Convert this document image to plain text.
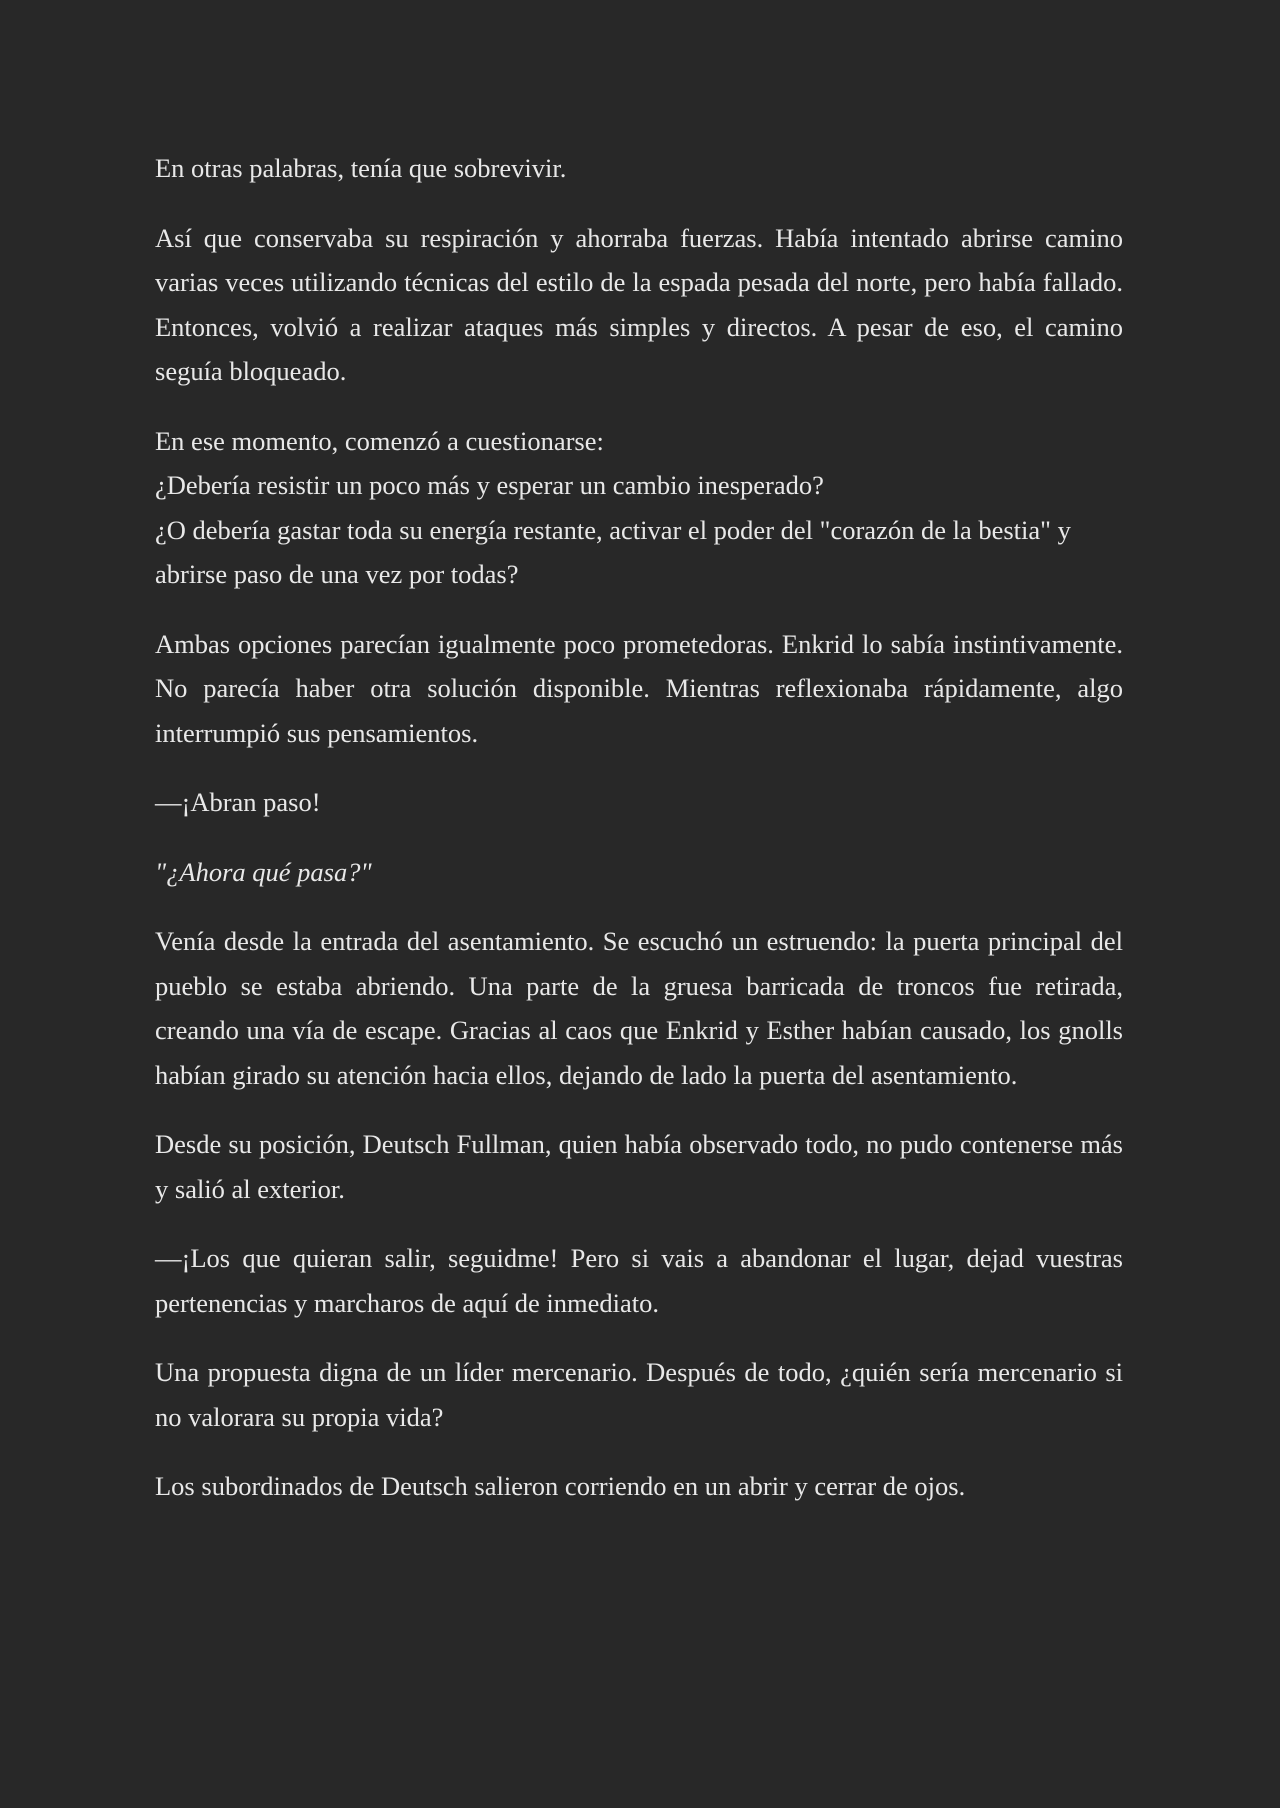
En otras palabras, tenía que sobrevivir.

Así que conservaba su respiración y ahorraba fuerzas. Había intentado abrirse camino varias veces utilizando técnicas del estilo de la espada pesada del norte, pero había fallado. Entonces, volvió a realizar ataques más simples y directos. A pesar de eso, el camino seguía bloqueado.

En ese momento, comenzó a cuestionarse:
¿Debería resistir un poco más y esperar un cambio inesperado?
¿O debería gastar toda su energía restante, activar el poder del "corazón de la bestia" y abrirse paso de una vez por todas?

Ambas opciones parecían igualmente poco prometedoras. Enkrid lo sabía instintivamente. No parecía haber otra solución disponible. Mientras reflexionaba rápidamente, algo interrumpió sus pensamientos.

—¡Abran paso!

"¿Ahora qué pasa?"

Venía desde la entrada del asentamiento. Se escuchó un estruendo: la puerta principal del pueblo se estaba abriendo. Una parte de la gruesa barricada de troncos fue retirada, creando una vía de escape. Gracias al caos que Enkrid y Esther habían causado, los gnolls habían girado su atención hacia ellos, dejando de lado la puerta del asentamiento.

Desde su posición, Deutsch Fullman, quien había observado todo, no pudo contenerse más y salió al exterior.

—¡Los que quieran salir, seguidme! Pero si vais a abandonar el lugar, dejad vuestras pertenencias y marcharos de aquí de inmediato.

Una propuesta digna de un líder mercenario. Después de todo, ¿quién sería mercenario si no valorara su propia vida?

Los subordinados de Deutsch salieron corriendo en un abrir y cerrar de ojos.
